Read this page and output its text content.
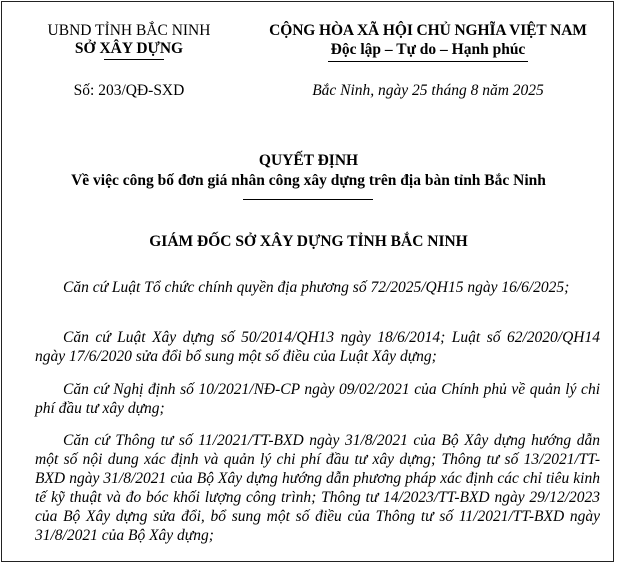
UBND TỈNH BẮC NINH
SỞ XÂY DỰNG
Số: 203/QĐ-SXD
CỘNG HÒA XÃ HỘI CHỦ NGHĨA VIỆT NAM
Độc lập – Tự do – Hạnh phúc
Bắc Ninh, ngày 25 tháng 8 năm 2025
QUYẾT ĐỊNH
Về việc công bố đơn giá nhân công xây dựng trên địa bàn tỉnh Bắc Ninh
GIÁM ĐỐC SỞ XÂY DỰNG TỈNH BẮC NINH
Căn cứ Luật Tổ chức chính quyền địa phương số 72/2025/QH15 ngày 16/6/2025;
Căn cứ Luật Xây dựng số 50/2014/QH13 ngày 18/6/2014; Luật số 62/2020/QH14 ngày 17/6/2020 sửa đổi bổ sung một số điều của Luật Xây dựng;
Căn cứ Nghị định số 10/2021/NĐ-CP ngày 09/02/2021 của Chính phủ về quản lý chi phí đầu tư xây dựng;
Căn cứ Thông tư số 11/2021/TT-BXD ngày 31/8/2021 của Bộ Xây dựng hướng dẫn một số nội dung xác định và quản lý chi phí đầu tư xây dựng; Thông tư số 13/2021/TT-BXD ngày 31/8/2021 của Bộ Xây dựng hướng dẫn phương pháp xác định các chỉ tiêu kinh tế kỹ thuật và đo bóc khối lượng công trình; Thông tư 14/2023/TT-BXD ngày 29/12/2023 của Bộ Xây dựng sửa đổi, bổ sung một số điều của Thông tư số 11/2021/TT-BXD ngày 31/8/2021 của Bộ Xây dựng;
